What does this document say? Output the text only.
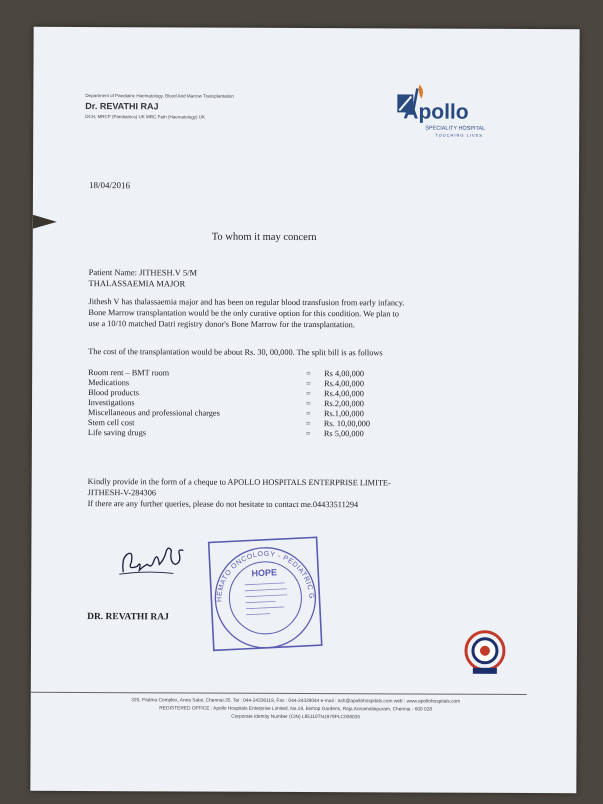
Department of Paediatric Haematology, Blood And Marrow Transplantation
Dr. REVATHI RAJ
DCH, MRCP (Paediatrics) UK MRC Path (Haematology) UK	Apollo
SPECIALITY HOSPITAL
TOUCHING LIVES
18/04/2016
To whom it may concern
Patient Name: JITHESH.V 5/M
THALASSAEMIA MAJOR
Jithesh V has thalassaemia major and has been on regular blood transfusion from early infancy.
Bone Marrow transplantation would be the only curative option for this condition. We plan to
use a 10/10 matched Datri registry donor's Bone Marrow for the transplantation.
The cost of the transplantation would be about Rs. 30, 00,000. The split bill is as follows
Room rent – BMT room	= Rs 4,00,000
Medications	= Rs.4,00,000
Blood products	= Rs.4,00,000
Investigations	= Rs.2,00,000
Miscellaneous and professional charges	= Rs.1,00,000
Stem cell cost	= Rs. 10,00,000
Life saving drugs	= Rs 5,00,000
Kindly provide in the form of a cheque to APOLLO HOSPITALS ENTERPRISE LIMITE-
JITHESH-V-284306
If there are any further queries, please do not hesitate to contact me.04433511294
HEMATO ONCOLOGY - PEDIATRIC GROUP
HOPE
DR. REVATHI RAJ
320, Padma Complex, Anna Salai, Chennai-35. Tel : 044-24336119, Fax : 044-24329044 e-mail : ash@apollohospitals.com web : www.apollohospitals.com
REGISTERED OFFICE : Apollo Hospitals Enterprise Limited, No.19, Bishop Gardens, Raja Annamalaipuram, Chennai - 600 028
Corporate Identity Number (CIN) L85110TN1979PLC008035
